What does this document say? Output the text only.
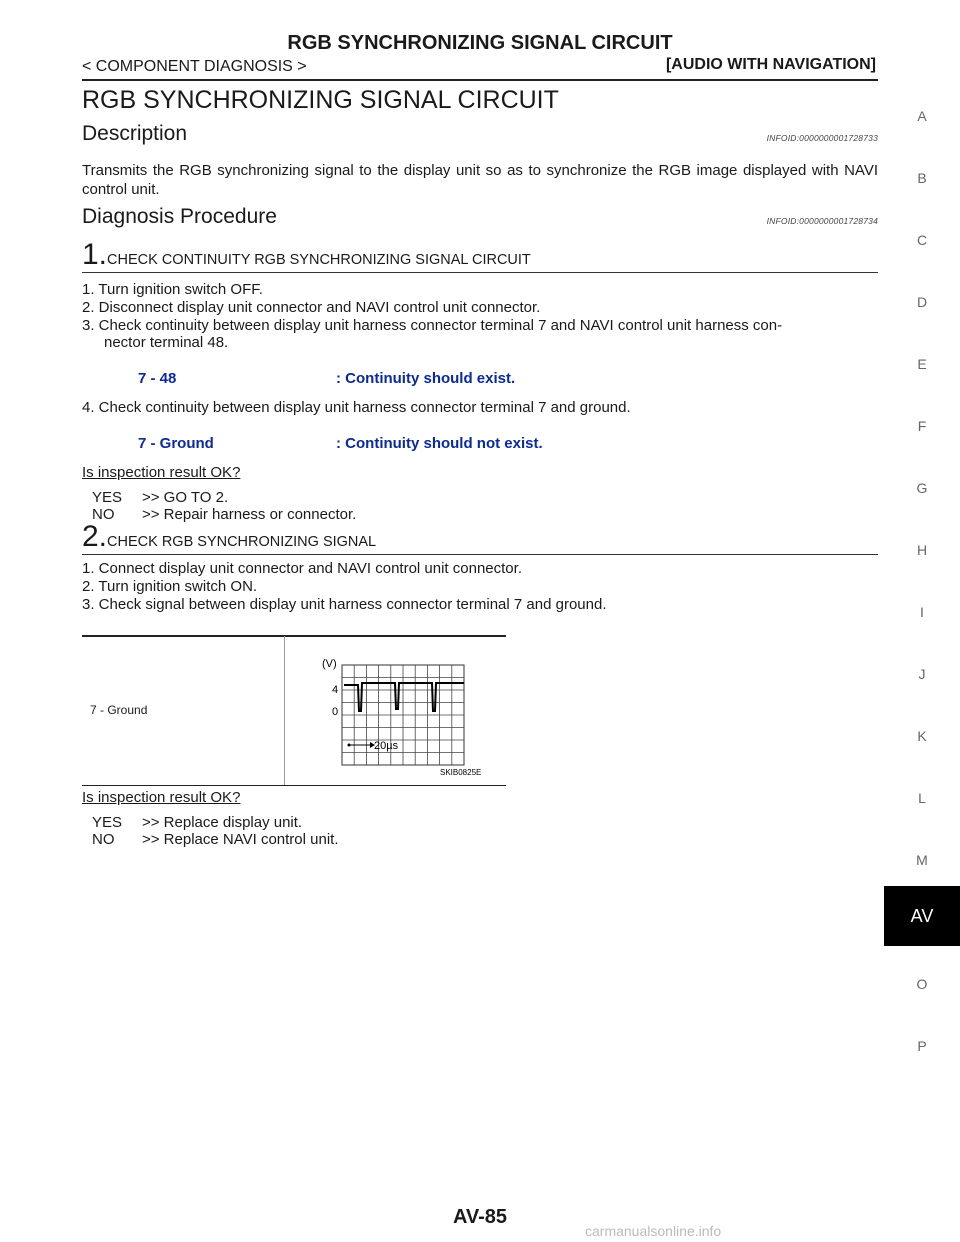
RGB SYNCHRONIZING SIGNAL CIRCUIT
< COMPONENT DIAGNOSIS >	[AUDIO WITH NAVIGATION]
RGB SYNCHRONIZING SIGNAL CIRCUIT
Description	INFOID:0000000001728733
Transmits the RGB synchronizing signal to the display unit so as to synchronize the RGB image displayed with NAVI control unit.
Diagnosis Procedure	INFOID:0000000001728734
1.CHECK CONTINUITY RGB SYNCHRONIZING SIGNAL CIRCUIT
1. Turn ignition switch OFF.
2. Disconnect display unit connector and NAVI control unit connector.
3. Check continuity between display unit harness connector terminal 7 and NAVI control unit harness con-
nector terminal 48.
7 - 48	: Continuity should exist.
4. Check continuity between display unit harness connector terminal 7 and ground.
7 - Ground	: Continuity should not exist.
Is inspection result OK?
YES >> GO TO 2.
NO >> Repair harness or connector.
2.CHECK RGB SYNCHRONIZING SIGNAL
1. Connect display unit connector and NAVI control unit connector.
2. Turn ignition switch ON.
3. Check signal between display unit harness connector terminal 7 and ground.
7 - Ground
(V)
4
0
20µs
SKIB0825E
Is inspection result OK?
YES >> Replace display unit.
NO >> Replace NAVI control unit.
A
B
C
D
E
F
G
H
I
J
K
L
M
AV
O
P
AV-85
carmanualsonline.info
